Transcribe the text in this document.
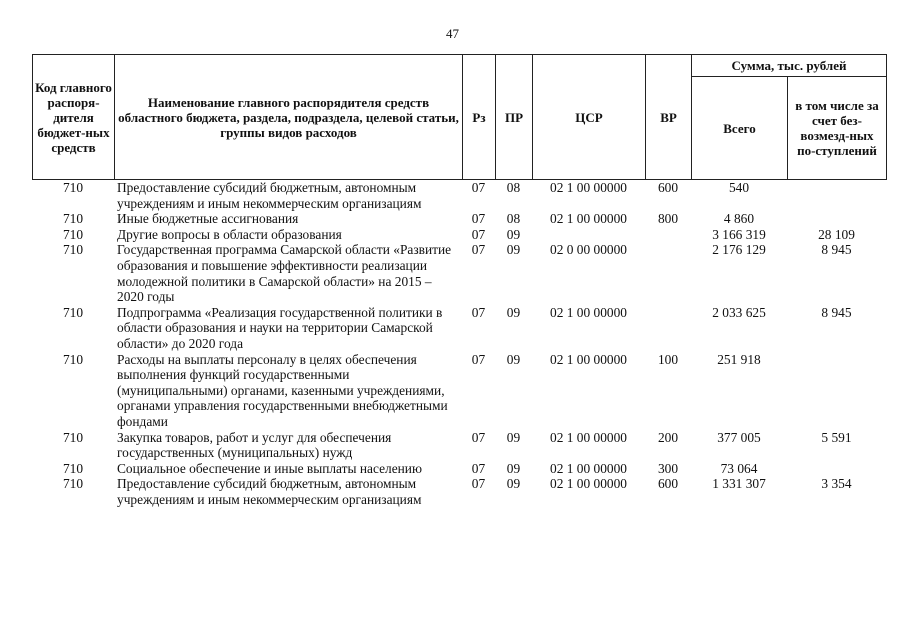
47
Код главного распоря-дителя бюджет-ных средств	Наименование главного распорядителя средств областного бюджета, раздела, подраздела, целевой статьи, группы видов расходов	Рз	ПР	ЦСР	ВР	Сумма, тыс. рублей	
						Всего	в том числе за счет без-возмезд-ных по-ступлений
710	Предоставление субсидий бюджетным, автономным учреждениям и иным некоммерческим организациям	07	08	02 1 00 00000	600	540	
710	Иные бюджетные ассигнования	07	08	02 1 00 00000	800	4 860	
710	Другие вопросы в области образования	07	09			3 166 319	28 109
710	Государственная программа Самарской области «Развитие образования и повышение эффективности реализации молодежной политики в Самарской области» на 2015 – 2020 годы	07	09	02 0 00 00000		2 176 129	8 945
710	Подпрограмма «Реализация государственной политики в области образования и науки на территории Самарской области» до 2020 года	07	09	02 1 00 00000		2 033 625	8 945
710	Расходы на выплаты персоналу в целях обеспечения выполнения функций государственными (муниципальными) органами, казенными учреждениями, органами управления государственными внебюджетными фондами	07	09	02 1 00 00000	100	251 918	
710	Закупка товаров, работ и услуг для обеспечения государственных (муниципальных) нужд	07	09	02 1 00 00000	200	377 005	5 591
710	Социальное обеспечение и иные выплаты населению	07	09	02 1 00 00000	300	73 064	
710	Предоставление субсидий бюджетным, автономным учреждениям и иным некоммерческим организациям	07	09	02 1 00 00000	600	1 331 307	3 354
